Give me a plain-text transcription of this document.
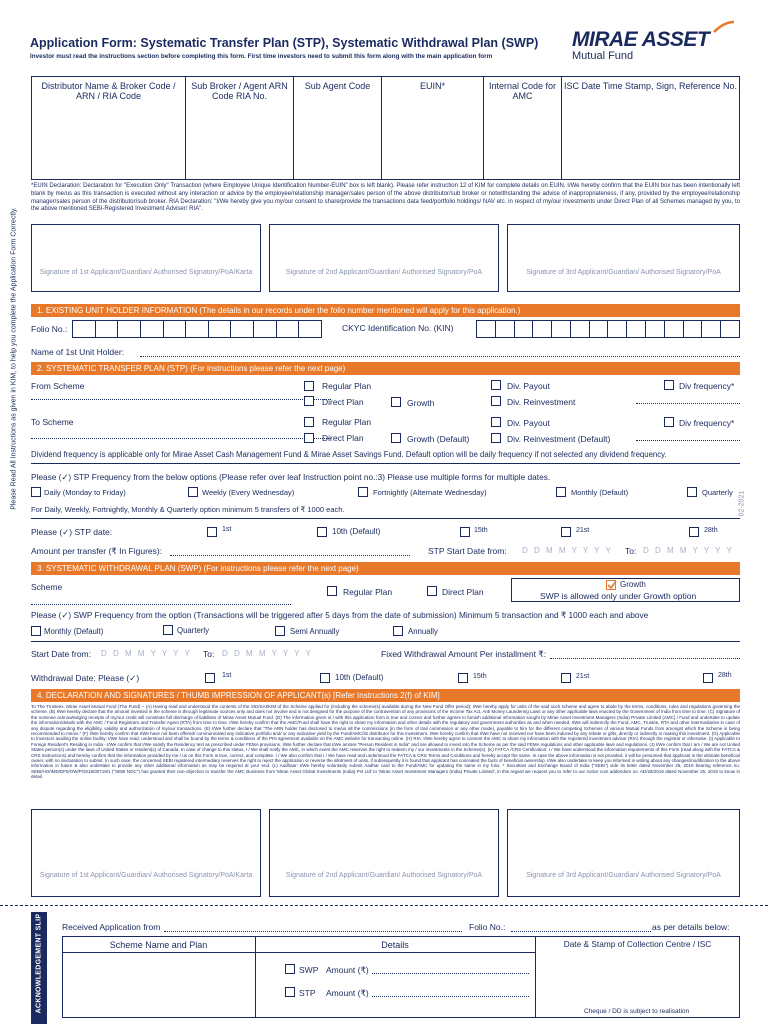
Please Read All Instructions as given in KIM, to help you complete the Application Form Correctly.	02-2021
Application Form: Systematic Transfer Plan (STP), Systematic Withdrawal Plan (SWP)
Investor must read the instructions section before completing this form. First time investors need to submit this form along with the main application form
MIRAE ASSET
Mutual Fund
Distributor Name & Broker Code / ARN / RIA Code	Sub Broker / Agent ARN Code RIA No.	Sub Agent Code	EUIN*	Internal Code for AMC	ISC Date Time Stamp, Sign, Reference No.
*EUIN Declaration: Declaration for "Execution Only" Transaction (where Employee Unique Identification Number-EUIN" box is left blank). Please refer instruction 12 of KIM for complete details on EUIN. I/We hereby confirm that the EUIN box has been intentionally left blank by me/us as this transaction is executed without any interaction or advice by the employee/relationship manager/sales person of the above distributor/sub broker or notwithstanding the advice of inappropriateness, if any, provided by the employee/relationship manager/sales person of the distributor/sub broker. RIA Declaration: "I/We hereby give you my/our consent to share/provide the transactions data feed/portfolio holdings/ NAV etc. in respect of my/our investments under Direct Plan of all Schemes managed by you, to the above mentioned SEBI-Registered Investment Adviser/ RIA".
Signature of 1st Applicant/Guardian/ Authorised Signatory/PoA/Karta	Signature of 2nd Applicant/Guardian/ Authorised Signatory/PoA	Signature of 3rd Applicant/Guardian/ Authorised Signatory/PoA
1. EXISTING UNIT HOLDER INFORMATION (The details in our records under the folio number mentioned will apply for this application.)
Folio No.:	CKYC Identification No. (KIN)
Name of 1st Unit Holder:
2. SYSTEMATIC TRANSFER PLAN (STP) (For instructions please refer the next page)
From Scheme	Regular Plan
Direct Plan	Growth
Div. Payout
Div. Reinvestment
Div frequency*
To Scheme	Regular Plan
Direct Plan	Growth (Default)
Div. Payout
Div. Reinvestment (Default)
Div frequency*
Dividend frequency is applicable only for Mirae Asset Cash Management Fund & Mirae Asset Savings Fund. Default option will be daily frequency if not selected any dividend frequency.
Please (✓) STP Frequency from the below options (Please refer over leaf Instruction point no.:3) Please use multiple forms for multiple dates.
Daily (Monday to Friday)	Weekly (Every Wednesday)	Fortnightly (Alternate Wednesday)	Monthly (Default)	Quarterly
For Daily, Weekly, Fortnightly, Monthly & Quarterly option minimum 5 transfers of ₹ 1000 each.
Please (✓) STP date:	1st	10th (Default)	15th	21st	28th
Amount per transfer (₹ In Figures):	STP Start Date from: D D M M Y Y Y Y To: D D M M Y Y Y Y
3. SYSTEMATIC WITHDRAWAL PLAN (SWP) (For instructions please refer the next page)
Scheme	Regular Plan	Direct Plan
Growth
SWP is allowed only under Growth option
Please (✓) SWP Frequency from the option (Transactions will be triggered after 5 days from the date of submission) Minimum 5 transaction and ₹ 1000 each and above
Monthly (Default)	Quarterly	Semi Annually	Annually
Start Date from: D D M M Y Y Y Y To: D D M M Y Y Y Y	Fixed Withdrawal Amount Per installment ₹:
Withdrawal Date: Please (✓)	1st	10th (Default)	15th	21st	28th
4. DECLARATION AND SIGNATURES / THUMB IMPRESSION OF APPLICANT(s) [Refer Instructions 2(f) of KIM]
To The Trustees, Mirae Asset Mutual Fund (The Fund) – (A) Having read and understood the contents of the SID/SAI/KIM of the Scheme applied for (including the scheme(s) available during the New Fund Offer period); I/We hereby apply for units of the said such scheme and agree to abide by the terms, conditions, rules and regulations governing the scheme. (B) I/We hereby declare that the amount invested in the scheme is through legitimate sources only and does not involve and is not designed for the purpose of the contravention of any provisions of the Income Tax Act, Anti Money Laundering Laws or any other applicable laws enacted by the Government of India from time to time. (C) Signature of the nominee acknowledging receipts of my/our credit will constitute full discharge of liabilities of Mirae Asset Mutual Fund. (D) The information given in / with this application form is true and correct and further agrees to furnish additional information sought by Mirae Asset Investment Managers (India) Private Limited (AMC) / Fund and undertake to update the information/details with the AMC / Fund Registrars and Transfer Agent (RTA) from time to time. I/We hereby confirm that the AMC/Fund shall have the right to share my information and other details with the regulatory and government authorities as and when needed. I/We will indemnify the Fund, AMC, Trustee, RTA and other intermediaries in case of any dispute regarding the eligibility, validity and authorization of my/our transactions. (E) I/We further declare that "The ARN holder has disclosed to me/us all the commissions (in the form of trail commission or any other mode), payable to him for the different competing Schemes of various Mutual Funds from amongst which the Scheme is being recommended to me/us." (F) I/We hereby confirm that I/We have not been offered/ communicated any indicative portfolio and/ or any indicative yield by the Fund/AMC/its distributor for this investment. I/We hereby confirm that I/We have not received nor have been induced by any rebate or gifts, directly or indirectly in making this investment. (G) Applicable to Investors availing the online facility: I/We have read, understood and shall be bound by the terms & conditions of the PIN agreement available on the AMC website for transacting online. (H) RIA: I/We hereby agree to consent the AMC to share my information with the registered investment advisor (RIA) through the registrar or otherwise. (I) Applicable to Foreign Resident's Residing in India - I/We confirm that I/We satisfy the Residency test as prescribed under FEMA provisions. I/We further declare that I/We am/are "Person Resident in India" and are allowed to invest into the Scheme as per the said FEMA regulations and other applicable laws and regulations. (J) I/We confirm that I am / We are not United States person(s) under the laws of United States or resident(s) of Canada. In case of change to this status, I / We shall notify the AMC, in which event the AMC reserves the right to redeem my / our investments in the Scheme(s). (K) FATCA /CRS Certification: I / We have understood the information requirements of this Form (read along with the FATCA & CRS Instructions) and hereby confirm that the information provided by me / us on this Form is true, correct, and complete. I / We also confirm that I / We have read and understood the FATCA & CRS Terms and Conditions and hereby accept the same. In case the above information is not provided, it will be presumed that applicant is the ultimate beneficial owner, with no declaration to submit. In such case, the concerned SEBI registered intermediary reserves the right to reject the application or reverse the allotment of units, if subsequently it is found that applicant has concealed the facts of beneficial ownership. I/We also undertake to keep you informed in writing about any changes/modification to the above information in future & also undertake to provide any other additional information as may be required at your end. (L) Aadhaar: I/We hereby voluntarily submit Aadhar card to the Fund/AMC for updating the same in my folio. * Securities and Exchange Board of India ("SEBI") vide its letter dated November 25, 2019 bearing reference no. SEBI/HO/IMD/DF5/OW/P/2019/30719/1 ("SEBI NOC") has granted their non-objection to transfer the AMC Business from 'Mirae Asset Global Investments (India) Pvt Ltd' to 'Mirae Asset Investment Managers (India) Private Limited', in this regard we request you to refer to our notice cum addendum no. AD/28/2019 dated November 25, 2019 to know in detail.
Signature of 1st Applicant/Guardian/ Authorised Signatory/PoA/Karta	Signature of 2nd Applicant/Guardian/ Authorised Signatory/PoA	Signature of 3rd Applicant/Guardian/ Authorised Signatory/PoA
ACKNOWLEDGEMENT SLIP Received Application from	Folio No.:	as per details below:
Scheme Name and Plan	Details	Date & Stamp of Collection Centre / ISC
SWP Amount (₹)
STP Amount (₹)
Cheque / DD is subject to realisation
